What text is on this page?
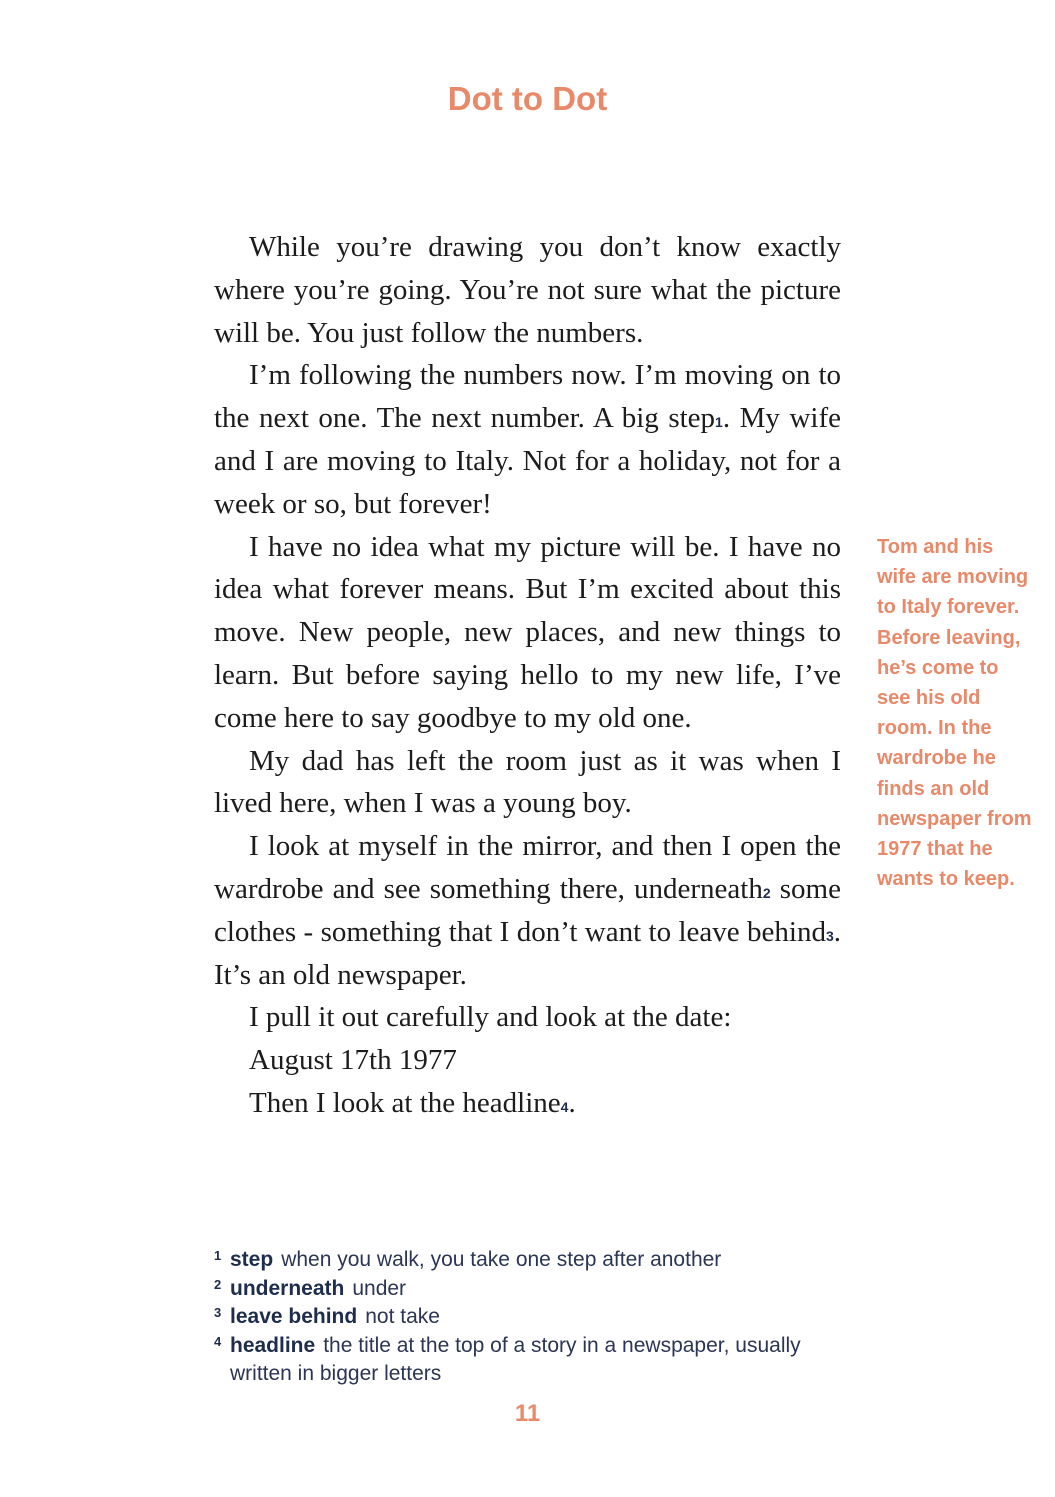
Dot to Dot

While you’re drawing you don’t know exactly where you’re going. You’re not sure what the picture will be. You just follow the numbers.

I’m following the numbers now. I’m moving on to the next one. The next number. A big step$^1$. My wife and I are moving to Italy. Not for a holiday, not for a week or so, but forever!

I have no idea what my picture will be. I have no idea what forever means. But I’m excited about this move. New people, new places, and new things to learn. But before saying hello to my new life, I’ve come here to say goodbye to my old one.

My dad has left the room just as it was when I lived here, when I was a young boy.

I look at myself in the mirror, and then I open the wardrobe and see something there, underneath$^2$ some clothes - something that I don’t want to leave behind$^3$. It’s an old newspaper.

I pull it out carefully and look at the date:

August 17th 1977

Then I look at the headline$^4$.

Tom and his wife are moving to Italy forever. Before leaving, he’s come to see his old room. In the wardrobe he finds an old newspaper from 1977 that he wants to keep.

1 step when you walk, you take one step after another
2 underneath under
3 leave behind not take
4 headline the title at the top of a story in a newspaper, usually written in bigger letters
11
